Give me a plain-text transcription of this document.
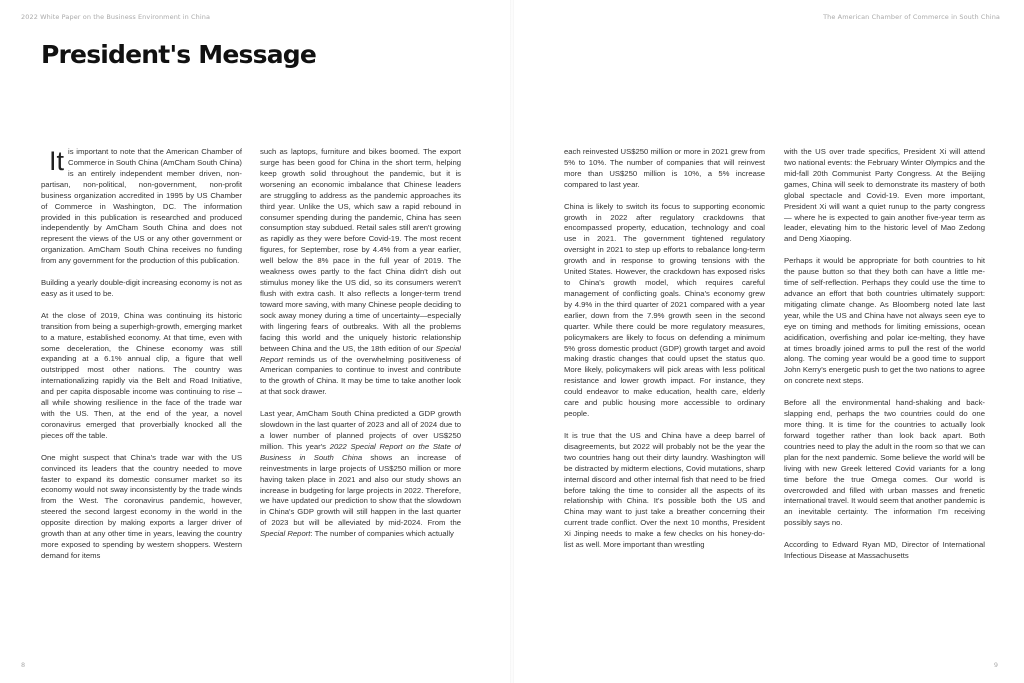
2022 White Paper on the Business Environment in China	The American Chamber of Commerce in South China
President's Message

It is important to note that the American Chamber of Commerce in South China (AmCham South China) is an entirely independent member driven, non-partisan, non-political, non-government, non-profit business organization accredited in 1995 by US Chamber of Commerce in Washington, DC. The information provided in this publication is researched and produced independently by AmCham South China and does not represent the views of the US or any other government or organization. AmCham South China receives no funding from any government for the production of this publication.

Building a yearly double-digit increasing economy is not as easy as it used to be.

At the close of 2019, China was continuing its historic transition from being a superhigh-growth, emerging market to a mature, established economy. At that time, even with some deceleration, the Chinese economy was still expanding at a 6.1% annual clip, a figure that well outstripped most other nations. The country was internationalizing rapidly via the Belt and Road Initiative, and per capita disposable income was continuing to rise – all while showing resilience in the face of the trade war with the US. Then, at the end of the year, a novel coronavirus emerged that proverbially knocked all the pieces off the table.

One might suspect that China's trade war with the US convinced its leaders that the country needed to move faster to expand its domestic consumer market so its economy would not sway inconsistently by the trade winds from the West. The coronavirus pandemic, however, steered the second largest economy in the world in the opposite direction by making exports a larger driver of growth than at any other time in years, leaving the country more exposed to spending by western shoppers. Western demand for items

such as laptops, furniture and bikes boomed. The export surge has been good for China in the short term, helping keep growth solid throughout the pandemic, but it is worsening an economic imbalance that Chinese leaders are struggling to address as the pandemic approaches its third year. Unlike the US, which saw a rapid rebound in consumer spending during the pandemic, China has seen consumption stay subdued. Retail sales still aren't growing as rapidly as they were before Covid-19. The most recent figures, for September, rose by 4.4% from a year earlier, well below the 8% pace in the full year of 2019. The weakness owes partly to the fact China didn't dish out stimulus money like the US did, so its consumers weren't flush with extra cash. It also reflects a longer-term trend toward more saving, with many Chinese people deciding to sock away money during a time of uncertainty—especially with lingering fears of outbreaks. With all the problems facing this world and the uniquely historic relationship between China and the US, the 18th edition of our Special Report reminds us of the overwhelming positiveness of American companies to continue to invest and contribute to the growth of China. It may be time to take another look at that sock drawer.

Last year, AmCham South China predicted a GDP growth slowdown in the last quarter of 2023 and all of 2024 due to a lower number of planned projects of over US$250 million. This year's 2022 Special Report on the State of Business in South China shows an increase of reinvestments in large projects of US$250 million or more having taken place in 2021 and also our study shows an increase in budgeting for large projects in 2022. Therefore, we have updated our prediction to show that the slowdown in China's GDP growth will still happen in the last quarter of 2023 but will be alleviated by mid-2024. From the Special Report: The number of companies which actually

each reinvested US$250 million or more in 2021 grew from 5% to 10%. The number of companies that will reinvest more than US$250 million is 10%, a 5% increase compared to last year.

China is likely to switch its focus to supporting economic growth in 2022 after regulatory crackdowns that encompassed property, education, technology and coal use in 2021. The government tightened regulatory oversight in 2021 to step up efforts to rebalance long-term growth and in response to growing tensions with the United States. However, the crackdown has exposed risks to China's growth model, which requires careful management of conflicting goals. China's economy grew by 4.9% in the third quarter of 2021 compared with a year earlier, down from the 7.9% growth seen in the second quarter. While there could be more regulatory measures, policymakers are likely to focus on defending a minimum 5% gross domestic product (GDP) growth target and avoid making drastic changes that could upset the status quo. More likely, policymakers will pick areas with less political resistance and lower growth impact. For instance, they could endeavor to make education, health care, elderly care and public housing more accessible to ordinary people.

It is true that the US and China have a deep barrel of disagreements, but 2022 will probably not be the year the two countries hang out their dirty laundry. Washington will be distracted by midterm elections, Covid mutations, sharp internal discord and other internal fish that need to be fried before taking the time to consider all the aspects of its relationship with China. It's possible both the US and China may want to just take a breather concerning their current trade conflict. Over the next 10 months, President Xi Jinping needs to make a few checks on his honey-do-list as well. More important than wrestling

with the US over trade specifics, President Xi will attend two national events: the February Winter Olympics and the mid-fall 20th Communist Party Congress. At the Beijing games, China will seek to demonstrate its mastery of both global spectacle and Covid-19. Even more important, President Xi will want a quiet runup to the party congress — where he is expected to gain another five-year term as leader, elevating him to the historic level of Mao Zedong and Deng Xiaoping.

Perhaps it would be appropriate for both countries to hit the pause button so that they both can have a little me-time of self-reflection. Perhaps they could use the time to advance an effort that both countries ultimately support: mitigating climate change. As Bloomberg noted late last year, while the US and China have not always seen eye to eye on timing and methods for limiting emissions, ocean acidification, overfishing and polar ice-melting, they have at times broadly joined arms to pull the rest of the world along. The coming year would be a good time to support John Kerry's energetic push to get the two nations to agree on concrete next steps.

Before all the environmental hand-shaking and back-slapping end, perhaps the two countries could do one more thing. It is time for the countries to actually look forward together rather than look back apart. Both countries need to play the adult in the room so that we can plan for the next pandemic. Some believe the world will be living with new Greek lettered Covid variants for a long time before the true Omega comes. Our world is overcrowded and filled with urban masses and frenetic international travel. It would seem that another pandemic is an inevitable certainty. The information I'm receiving possibly says no.

According to Edward Ryan MD, Director of International Infectious Disease at Massachusetts

8	9
